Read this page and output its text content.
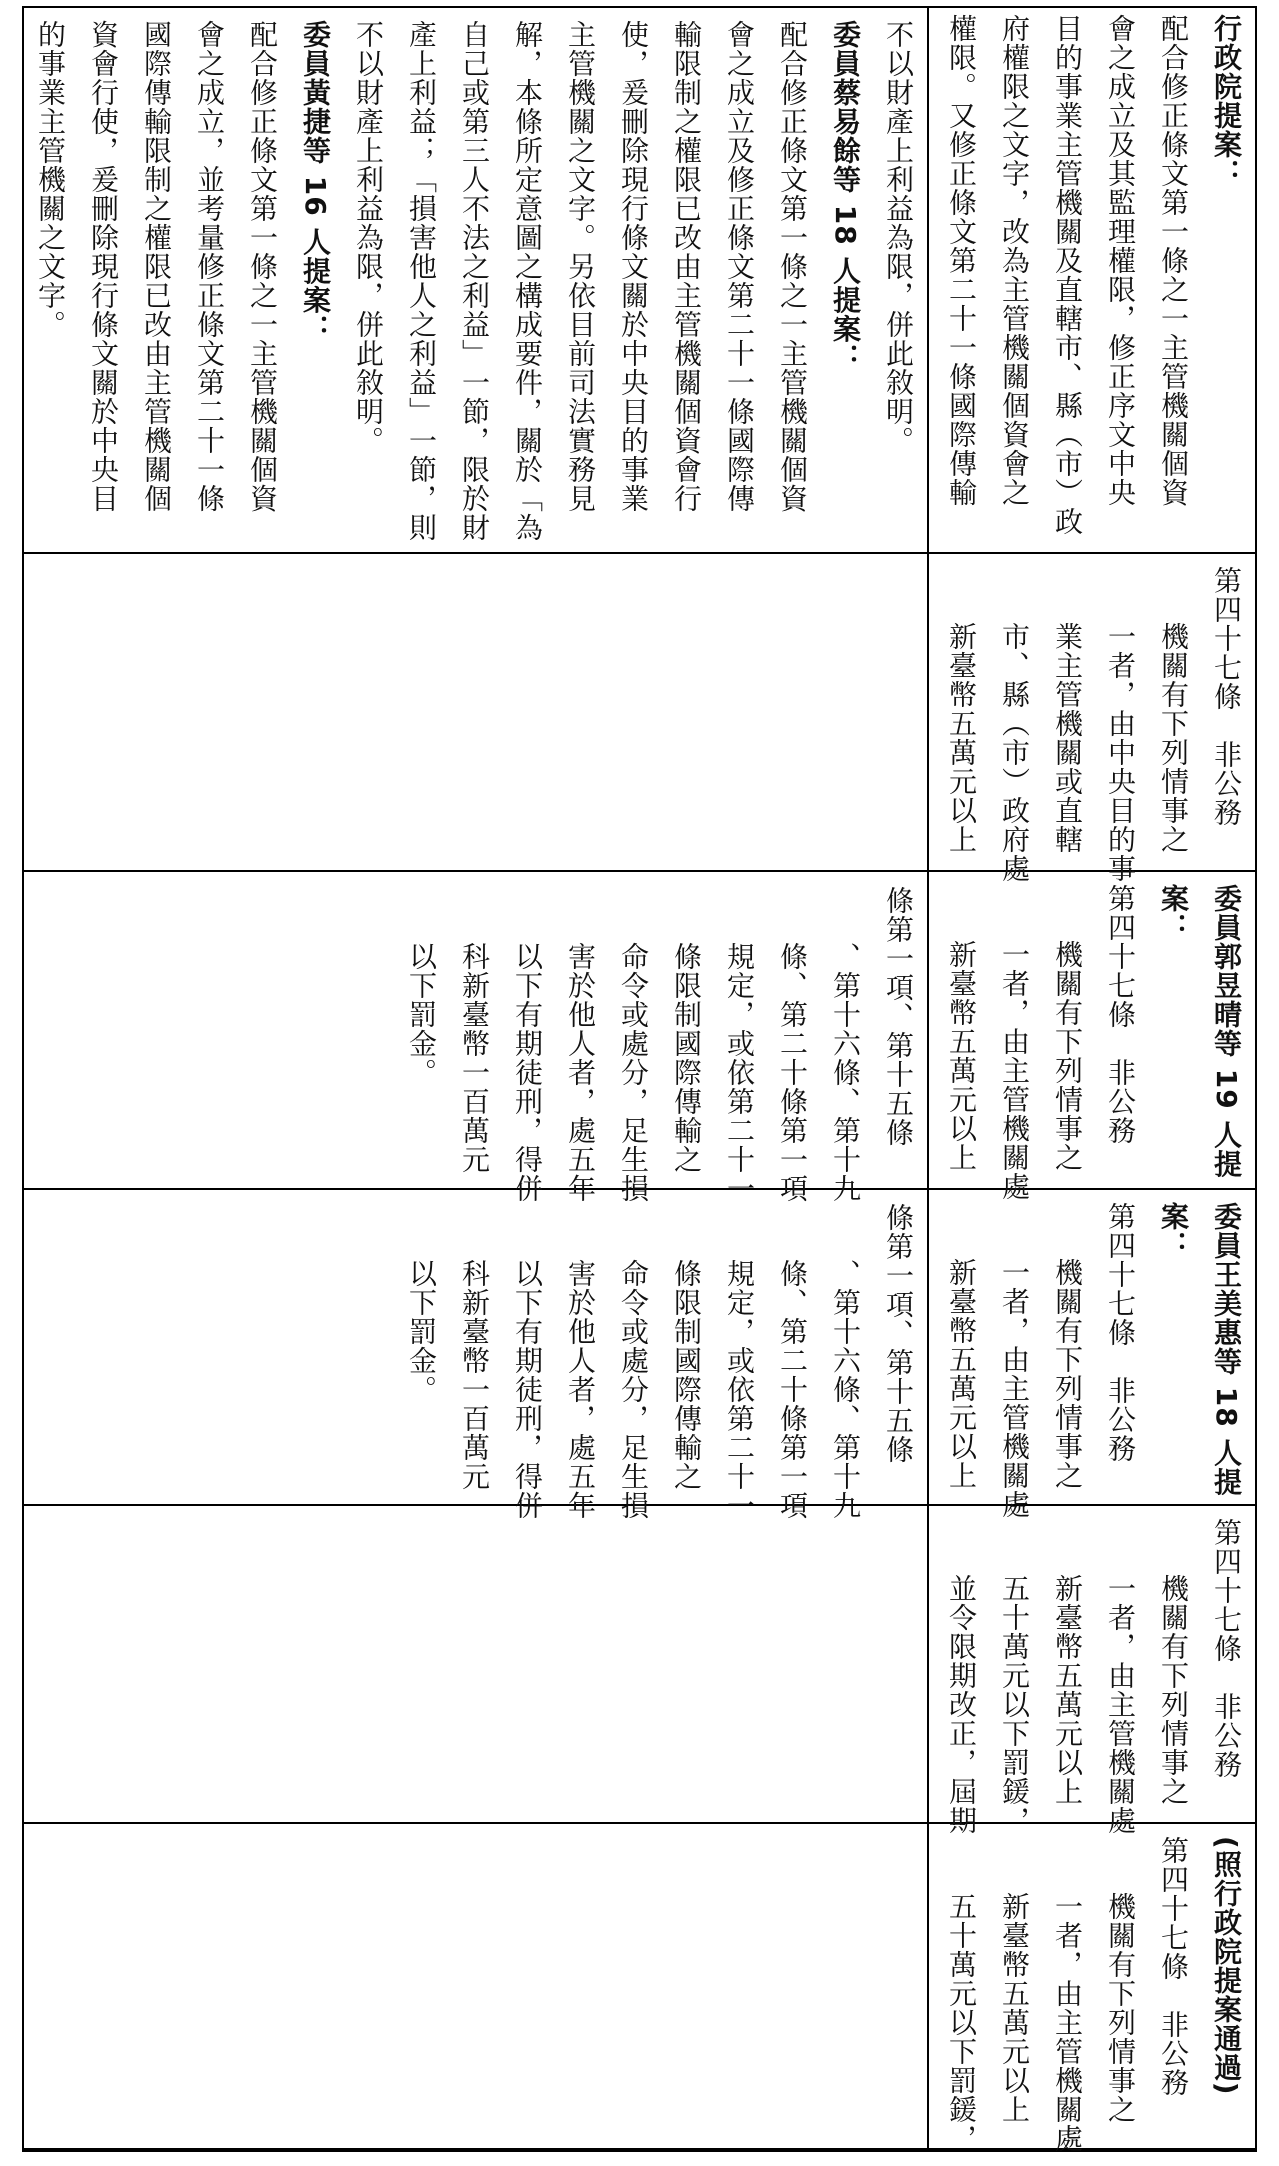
不以財產上利益為限，併此敘明。
委員蔡易餘等 18 人提案：
配合修正條文第一條之一主管機關個資
會之成立及修正條文第二十一條國際傳
輸限制之權限已改由主管機關個資會行
使，爰刪除現行條文關於中央目的事業
主管機關之文字。另依目前司法實務見
解，本條所定意圖之構成要件，關於「為
自己或第三人不法之利益」一節，限於財
產上利益；「損害他人之利益」一節，則
不以財產上利益為限，併此敘明。
委員黃捷等 16 人提案：
配合修正條文第一條之一主管機關個資
會之成立，並考量修正條文第二十一條
國際傳輸限制之權限已改由主管機關個
資會行使，爰刪除現行條文關於中央目
的事業主管機關之文字。
條第一項、第十五條
、第十六條、第十九
條、第二十條第一項
規定，或依第二十一
條限制國際傳輸之
命令或處分，足生損
害於他人者，處五年
以下有期徒刑，得併
科新臺幣一百萬元
以下罰金。
條第一項、第十五條
、第十六條、第十九
條、第二十條第一項
規定，或依第二十一
條限制國際傳輸之
命令或處分，足生損
害於他人者，處五年
以下有期徒刑，得併
科新臺幣一百萬元
以下罰金。
行政院提案：
配合修正條文第一條之一主管機關個資
會之成立及其監理權限，修正序文中央
目的事業主管機關及直轄市、縣（市）政
府權限之文字，改為主管機關個資會之
權限。又修正條文第二十一條國際傳輸
第四十七條　非公務
機關有下列情事之
一者，由中央目的事
業主管機關或直轄
市、縣（市）政府處
新臺幣五萬元以上
委員郭昱晴等 19 人提
案：
第四十七條　非公務
機關有下列情事之
一者，由主管機關處
新臺幣五萬元以上
委員王美惠等 18 人提
案：
第四十七條　非公務
機關有下列情事之
一者，由主管機關處
新臺幣五萬元以上
第四十七條　非公務
機關有下列情事之
一者，由主管機關處
新臺幣五萬元以上
五十萬元以下罰鍰，
並令限期改正，屆期
(照行政院提案通過)
第四十七條　非公務
機關有下列情事之
一者，由主管機關處
新臺幣五萬元以上
五十萬元以下罰鍰，
